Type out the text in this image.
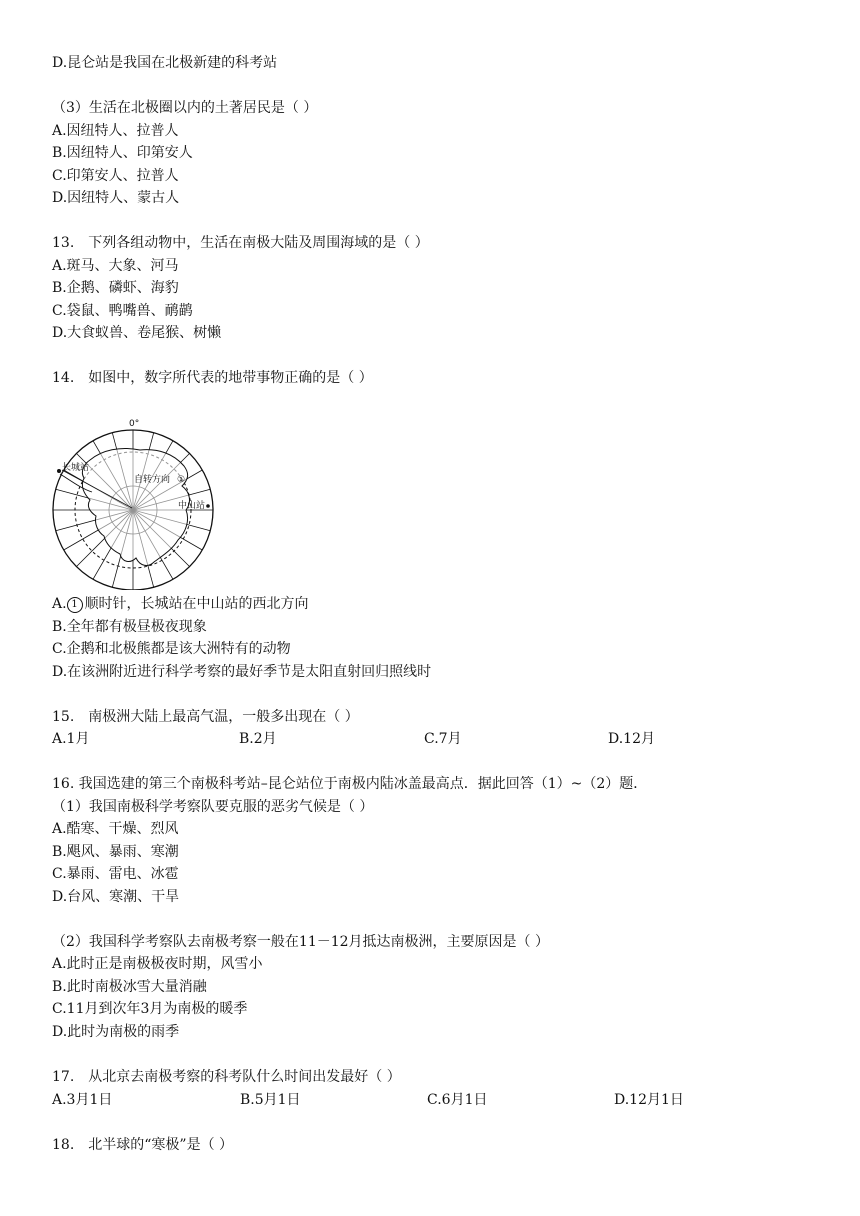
D.昆仑站是我国在北极新建的科考站
（3）生活在北极圈以内的土著居民是（ ）
A.因纽特人、拉普人
B.因纽特人、印第安人
C.印第安人、拉普人
D.因纽特人、蒙古人
13.　下列各组动物中，生活在南极大陆及周围海域的是（ ）
A.斑马、大象、河马
B.企鹅、磷虾、海豹
C.袋鼠、鸭嘴兽、鸸鹋
D.大食蚁兽、卷尾猴、树懒
14.　如图中，数字所代表的地带事物正确的是（ ）
0°
长城站
自转方向 ①
中山站
A. 1 顺时针，长城站在中山站的西北方向
B.全年都有极昼极夜现象
C.企鹅和北极熊都是该大洲特有的动物
D.在该洲附近进行科学考察的最好季节是太阳直射回归照线时
15.　南极洲大陆上最高气温，一般多出现在（ ）
A.1月	B.2月	C.7月	D.12月
16. 我国选建的第三个南极科考站–昆仑站位于南极内陆冰盖最高点．据此回答（1）~（2）题．
（1）我国南极科学考察队要克服的恶劣气候是（ ）
A.酷寒、干燥、烈风
B.飓风、暴雨、寒潮
C.暴雨、雷电、冰雹
D.台风、寒潮、干旱
（2）我国科学考察队去南极考察一般在11－12月抵达南极洲，主要原因是（ ）
A.此时正是南极极夜时期，风雪小
B.此时南极冰雪大量消融
C.11月到次年3月为南极的暖季
D.此时为南极的雨季
17.　从北京去南极考察的科考队什么时间出发最好（ ）
A.3月1日	B.5月1日	C.6月1日	D.12月1日
18.　北半球的“寒极”是（ ）
